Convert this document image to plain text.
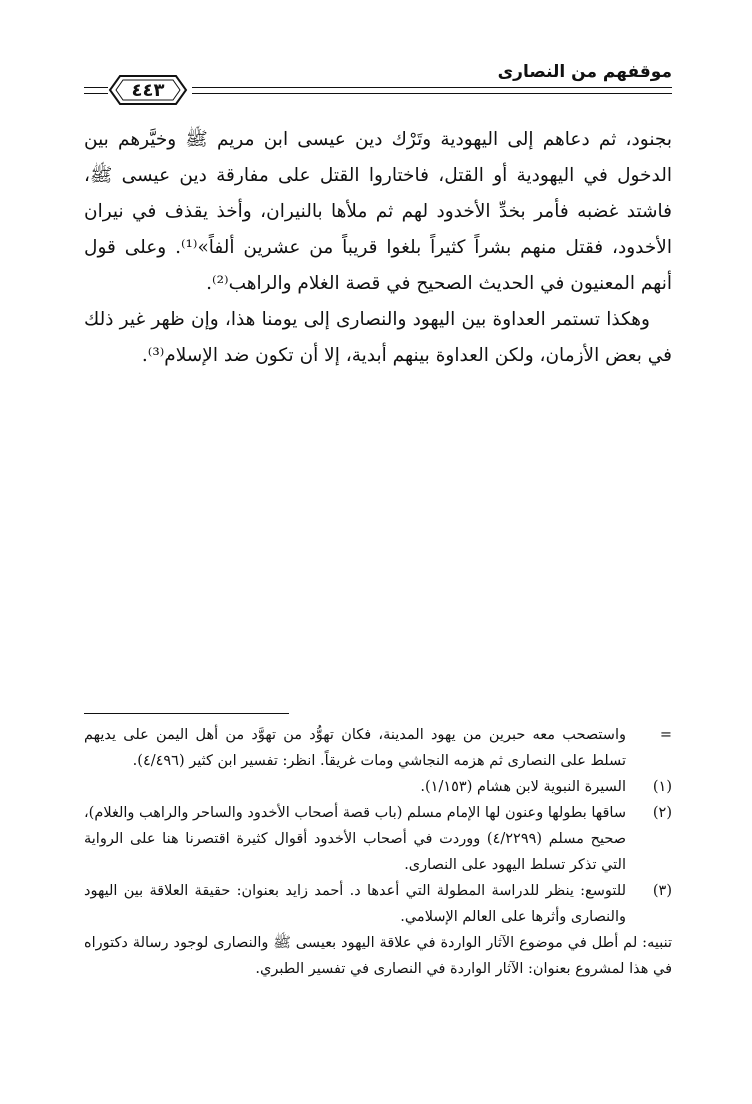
موقفهم من النصارى
٤٤٣

بجنود، ثم دعاهم إلى اليهودية وتَرْك دين عيسى ابن مريم ﷺ وخيَّرهم بين الدخول في اليهودية أو القتل، فاختاروا القتل على مفارقة دين عيسى ﷺ، فاشتد غضبه فأمر بخدِّ الأخدود لهم ثم ملأها بالنيران، وأخذ يقذف في نيران الأخدود، فقتل منهم بشراً كثيراً بلغوا قريباً من عشرين ألفاً»⁽¹⁾. وعلى قول أنهم المعنيون في الحديث الصحيح في قصة الغلام والراهب⁽²⁾.

وهكذا تستمر العداوة بين اليهود والنصارى إلى يومنا هذا، وإن ظهر غير ذلك في بعض الأزمان، ولكن العداوة بينهم أبدية، إلا أن تكون ضد الإسلام⁽³⁾.

=
واستصحب معه حبرين من يهود المدينة، فكان تهوُّد من تهوَّد من أهل اليمن على يديهم تسلط على النصارى ثم هزمه النجاشي ومات غريقاً. انظر: تفسير ابن كثير (٤/٤٩٦).
(١)
السيرة النبوية لابن هشام (١/١٥٣).
(٢)
ساقها بطولها وعنون لها الإمام مسلم (باب قصة أصحاب الأخدود والساحر والراهب والغلام)، صحيح مسلم (٤/٢٢٩٩) ووردت في أصحاب الأخدود أقوال كثيرة اقتصرنا هنا على الرواية التي تذكر تسلط اليهود على النصارى.
(٣)
للتوسع: ينظر للدراسة المطولة التي أعدها د. أحمد زايد بعنوان: حقيقة العلاقة بين اليهود والنصارى وأثرها على العالم الإسلامي.
تنبيه: لم أطل في موضوع الآثار الواردة في علاقة اليهود بعيسى ﷺ والنصارى لوجود رسالة دكتوراه في هذا لمشروع بعنوان: الآثار الواردة في النصارى في تفسير الطبري.
